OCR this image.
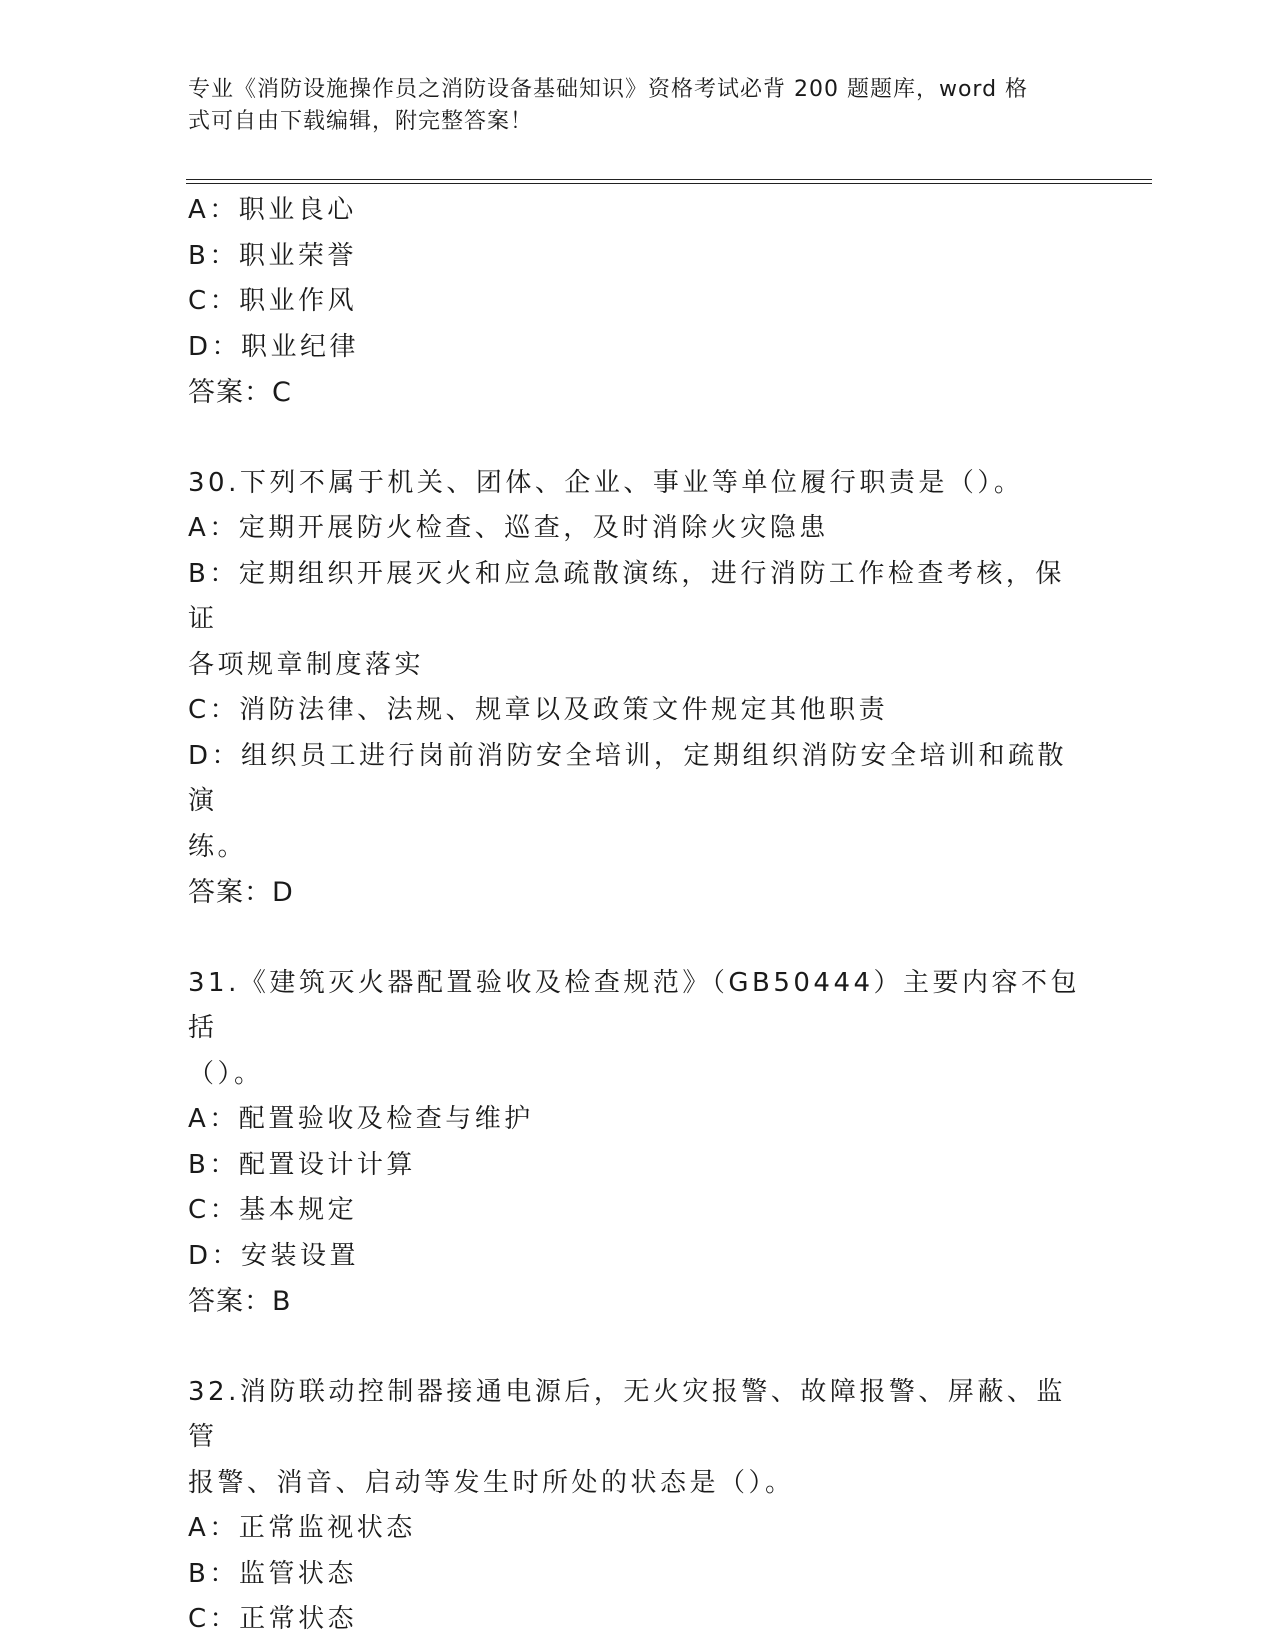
专业《消防设施操作员之消防设备基础知识》资格考试必背 200 题题库，word 格
式可自由下载编辑，附完整答案！
A：职业良心
B：职业荣誉
C：职业作风
D：职业纪律
答案：C
30.下列不属于机关、团体、企业、事业等单位履行职责是（）。
A：定期开展防火检查、巡查，及时消除火灾隐患
B：定期组织开展灭火和应急疏散演练，进行消防工作检查考核，保证
各项规章制度落实
C：消防法律、法规、规章以及政策文件规定其他职责
D：组织员工进行岗前消防安全培训，定期组织消防安全培训和疏散演
练。
答案：D
31.《建筑灭火器配置验收及检查规范》（GB50444）主要内容不包括
（）。
A：配置验收及检查与维护
B：配置设计计算
C：基本规定
D：安装设置
答案：B
32.消防联动控制器接通电源后，无火灾报警、故障报警、屏蔽、监管
报警、消音、启动等发生时所处的状态是（）。
A：正常监视状态
B：监管状态
C：正常状态
